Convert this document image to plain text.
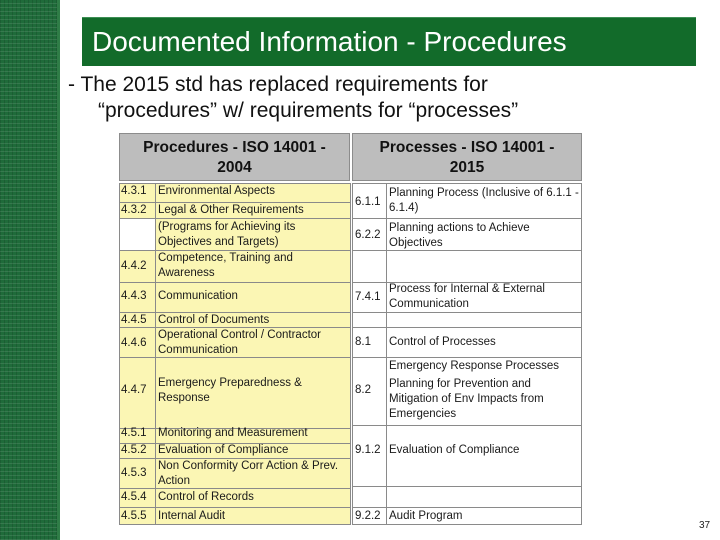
Documented Information - Procedures
- The 2015 std has replaced requirements for
“procedures” w/ requirements for “processes”
Procedures - ISO 14001 -
2004
Processes - ISO 14001 -
2015
4.3.1 Environmental Aspects
4.3.2 Legal & Other Requirements
(Programs for Achieving its
Objectives and Targets)
4.4.2
Competence, Training and
Awareness
4.4.3 Communication
4.4.5 Control of Documents
4.4.6
Operational Control / Contractor
Communication
4.4.7
Emergency Preparedness &
Response
4.5.1 Monitoring and Measurement
4.5.2 Evaluation of Compliance
4.5.3
Non Conformity Corr Action & Prev.
Action
4.5.4 Control of Records
4.5.5 Internal Audit
6.1.1
Planning Process (Inclusive of 6.1.1 -
6.1.4)
6.2.2
Planning actions to Achieve
Objectives
7.4.1
Process for Internal & External
Communication
8.1 Control of Processes
8.2
Emergency Response Processes
Planning for Prevention and
Mitigation of Env Impacts from
Emergencies
9.1.2 Evaluation of Compliance
9.2.2 Audit Program
37
